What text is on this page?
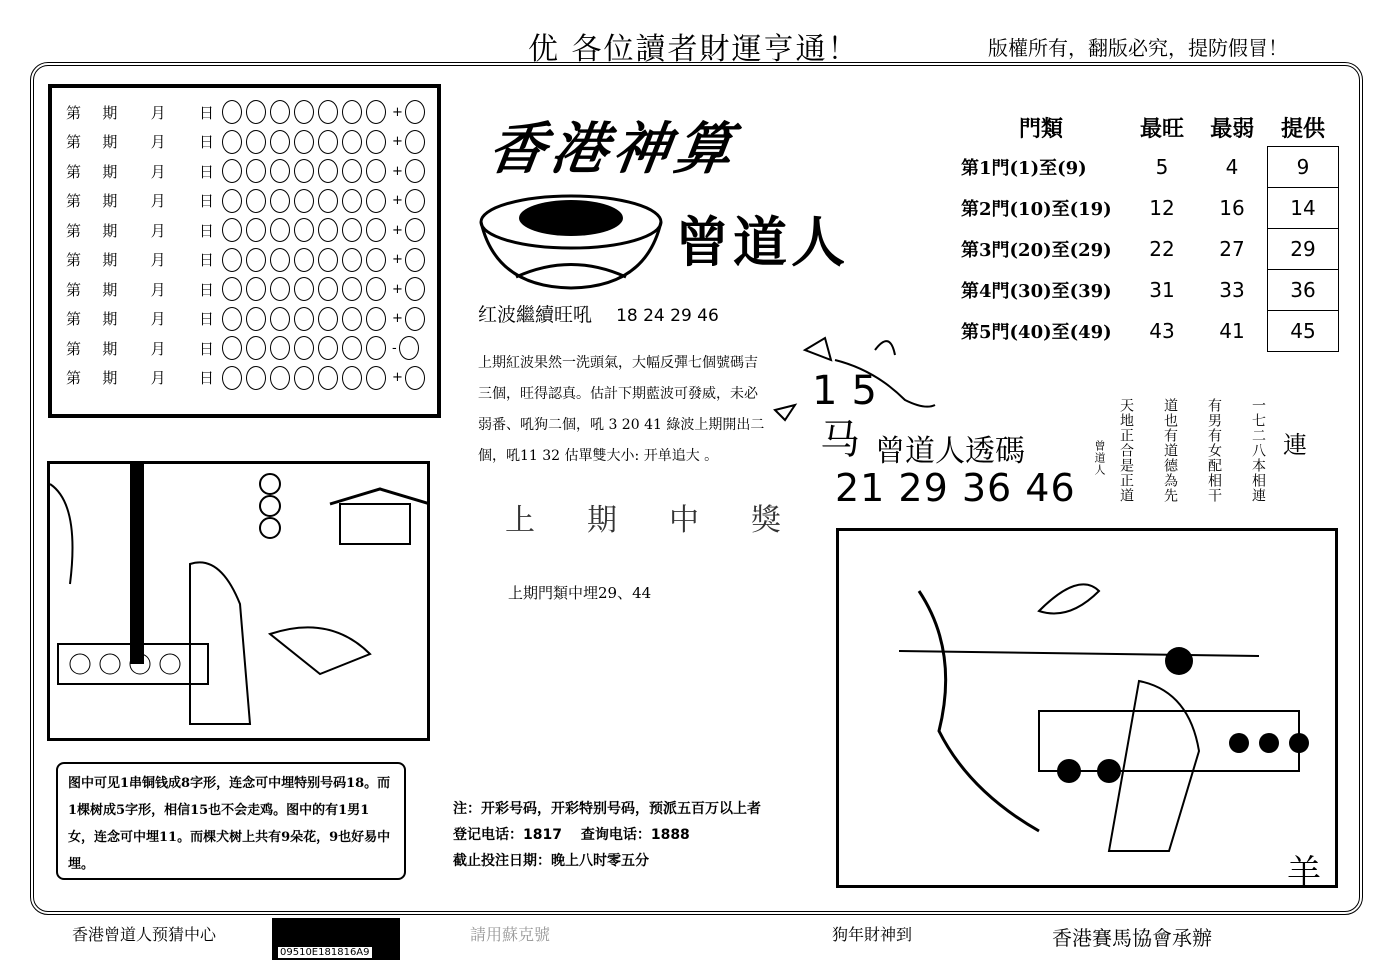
优 各位讀者財運亨通！	版權所有，翻版必究，提防假冒！
第 期 月 日	+
第 期 月 日	+
第 期 月 日	+
第 期 月 日	+
第 期 月 日	+
第 期 月 日	+
第 期 月 日	+
第 期 月 日	+
第 期 月 日	-
第 期 月 日	+
香港神算
曾道人
红波繼續旺吼 18 24 29 46
上期紅波果然一洗頭氣，大幅反彈七個號碼吉三個，旺得認真。估計下期藍波可發威，未必弱番、吼狗二個，吼 3 20 41 綠波上期開出二個，吼11 32 估單雙大小: 开单追大 。
上期中獎
上期門類中埋29、44
門類	最旺	最弱	提供
第1門(1)至(9)	5	4	9
第2門(10)至(19)	12	16	14
第3門(20)至(29)	22	27	29
第4門(30)至(39)	31	33	36
第5門(40)至(49)	43	41	45
15
马 曾道人透碼
21 29 36 46	一七二八本相連
有男有女配相干
道也有道德為先
天地正合是正道
曾道人	連
羊
图中可见1串铜钱成8字形，连念可中埋特别号码18。而1棵树成5字形，相信15也不会走鸡。图中的有1男1女，连念可中埋11。而棵犬树上共有9朵花，9也好易中埋。
注：开彩号码，开彩特别号码，预派五百万以上者
登记电话：1817　 查询电话：1888
截止投注日期：晚上八时零五分
香港曾道人预猜中心
09510E181816A9
請用蘇克號	狗年財神到	香港賽馬協會承辦
